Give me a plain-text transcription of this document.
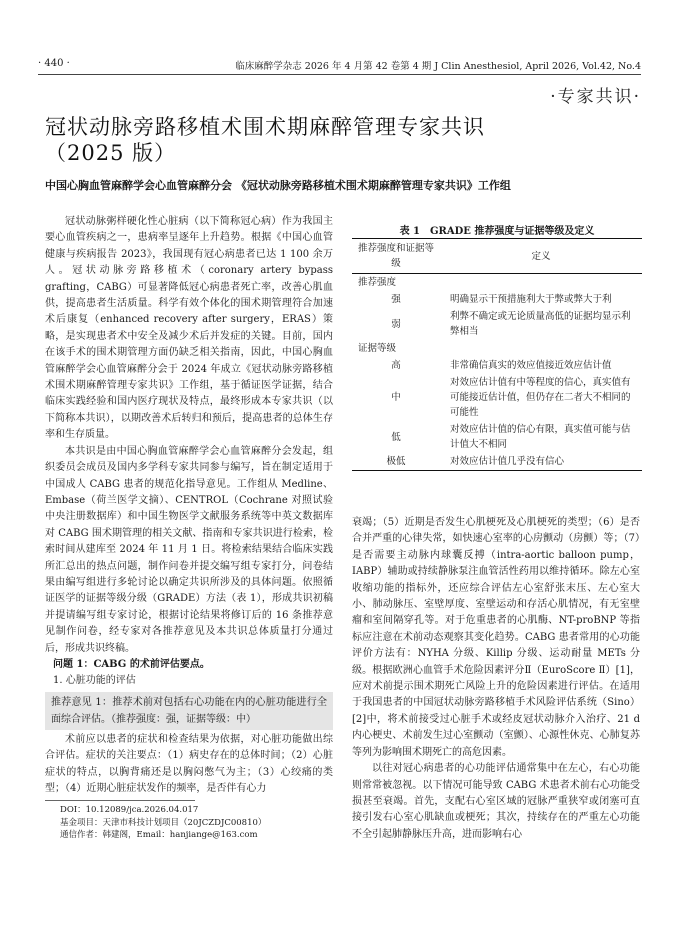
· 440 ·	临床麻醉学杂志 2026 年 4 月第 42 卷第 4 期 J Clin Anesthesiol, April 2026, Vol.42, No.4
·专家共识·
冠状动脉旁路移植术围术期麻醉管理专家共识
（2025 版）
中国心胸血管麻醉学会心血管麻醉分会 《冠状动脉旁路移植术围术期麻醉管理专家共识》工作组

冠状动脉粥样硬化性心脏病（以下简称冠心病）作为我国主要心血管疾病之一，患病率呈逐年上升趋势。根据《中国心血管健康与疾病报告 2023》，我国现有冠心病患者已达 1 100 余万人。冠状动脉旁路移植术（coronary artery bypass grafting，CABG）可显著降低冠心病患者死亡率，改善心肌血供，提高患者生活质量。科学有效个体化的围术期管理符合加速术后康复（enhanced recovery after surgery，ERAS）策略，是实现患者术中安全及减少术后并发症的关键。目前，国内在该手术的围术期管理方面仍缺乏相关指南，因此，中国心胸血管麻醉学会心血管麻醉分会于 2024 年成立《冠状动脉旁路移植术围术期麻醉管理专家共识》工作组，基于循证医学证据，结合临床实践经验和国内医疗现状及特点，最终形成本专家共识（以下简称本共识），以期改善术后转归和预后，提高患者的总体生存率和生存质量。

本共识是由中国心胸血管麻醉学会心血管麻醉分会发起，组织委员会成员及国内多学科专家共同参与编写，旨在制定适用于中国成人 CABG 患者的规范化指导意见。工作组从 Medline、Embase（荷兰医学文摘）、CENTROL（Cochrane 对照试验中央注册数据库）和中国生物医学文献服务系统等中英文数据库对 CABG 围术期管理的相关文献、指南和专家共识进行检索，检索时间从建库至 2024 年 11 月 1 日。将检索结果结合临床实践所汇总出的热点问题，制作问卷并提交编写组专家打分，问卷结果由编写组进行多轮讨论以确定共识所涉及的具体问题。依照循证医学的证据等级分级（GRADE）方法（表 1），形成共识初稿并提请编写组专家讨论，根据讨论结果将修订后的 16 条推荐意见制作问卷，经专家对各推荐意见及本共识总体质量打分通过后，形成共识终稿。

问题 1：CABG 的术前评估要点。

1. 心脏功能的评估

推荐意见 1：推荐术前对包括右心功能在内的心脏功能进行全面综合评估。（推荐强度：强，证据等级：中）

术前应以患者的症状和检查结果为依据，对心脏功能做出综合评估。症状的关注要点：（1）病史存在的总体时间；（2）心脏症状的特点，以胸背痛还是以胸闷憋气为主；（3）心绞痛的类型；（4）近期心脏症状发作的频率，是否伴有心力

DOI：10.12089/jca.2026.04.017
基金项目：天津市科技计划项目（20JCZDJC00810）
通信作者：韩建阁，Email：hanjiange@163.com
表 1　GRADE 推荐强度与证据等级及定义
推荐强度和证据等级	定义
推荐强度	
强	明确显示干预措施利大于弊或弊大于利
弱	利弊不确定或无论质量高低的证据均显示利弊相当
证据等级	
高	非常确信真实的效应值接近效应估计值
中	对效应估计值有中等程度的信心，真实值有可能接近估计值，但仍存在二者大不相同的可能性
低	对效应估计值的信心有限，真实值可能与估计值大不相同
极低	对效应估计值几乎没有信心

衰竭；（5）近期是否发生心肌梗死及心肌梗死的类型；（6）是否合并严重的心律失常，如快速心室率的心房颤动（房颤）等；（7）是否需要主动脉内球囊反搏（intra-aortic balloon pump，IABP）辅助或持续静脉泵注血管活性药用以维持循环。除左心室收缩功能的指标外，还应综合评估左心室舒张末压、左心室大小、肺动脉压、室壁厚度、室壁运动和存活心肌情况，有无室壁瘤和室间隔穿孔等。对于危重患者的心肌酶、NT-proBNP 等指标应注意在术前动态观察其变化趋势。CABG 患者常用的心功能评价方法有：NYHA 分级、Killip 分级、运动耐量 METs 分级。根据欧洲心血管手术危险因素评分Ⅱ（EuroScore Ⅱ）[1]，应对术前提示围术期死亡风险上升的危险因素进行评估。在适用于我国患者的中国冠状动脉旁路移植手术风险评估系统（Sino）[2]中，将术前接受过心脏手术或经皮冠状动脉介入治疗、21 d 内心梗史、术前发生过心室颤动（室颤）、心源性休克、心肺复苏等列为影响围术期死亡的高危因素。

以往对冠心病患者的心功能评估通常集中在左心，右心功能则常常被忽视。以下情况可能导致 CABG 术患者术前右心功能受损甚至衰竭。首先，支配右心室区域的冠脉严重狭窄或闭塞可直接引发右心室心肌缺血或梗死；其次，持续存在的严重左心功能不全引起肺静脉压升高，进而影响右心
